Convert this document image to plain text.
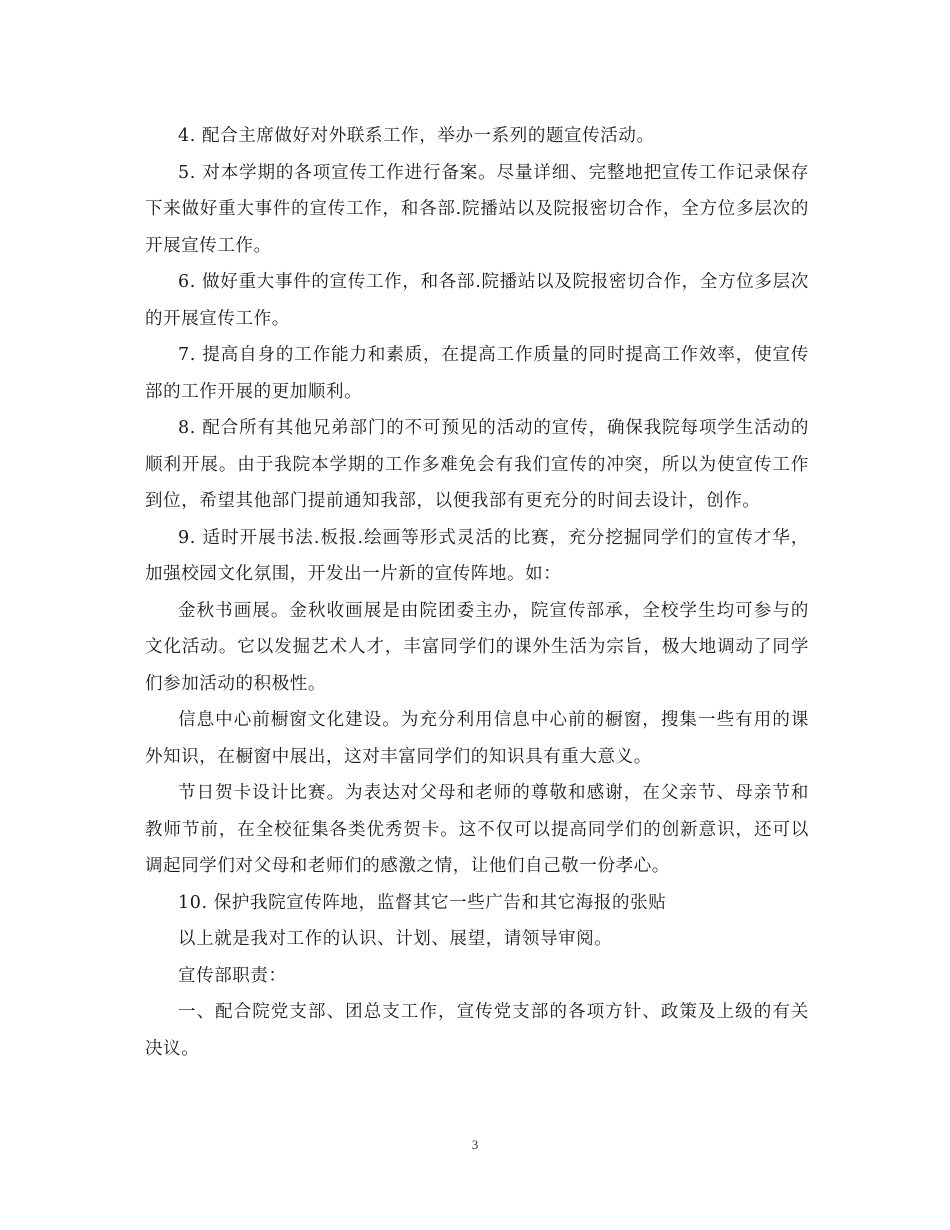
4. 配合主席做好对外联系工作，举办一系列的题宣传活动。

5. 对本学期的各项宣传工作进行备案。尽量详细、完整地把宣传工作记录保存下来做好重大事件的宣传工作，和各部.院播站以及院报密切合作，全方位多层次的开展宣传工作。

6. 做好重大事件的宣传工作，和各部.院播站以及院报密切合作，全方位多层次的开展宣传工作。

7. 提高自身的工作能力和素质，在提高工作质量的同时提高工作效率，使宣传部的工作开展的更加顺利。

8. 配合所有其他兄弟部门的不可预见的活动的宣传，确保我院每项学生活动的顺利开展。由于我院本学期的工作多难免会有我们宣传的冲突，所以为使宣传工作到位，希望其他部门提前通知我部，以便我部有更充分的时间去设计，创作。

9. 适时开展书法.板报.绘画等形式灵活的比赛，充分挖掘同学们的宣传才华，加强校园文化氛围，开发出一片新的宣传阵地。如：

金秋书画展。金秋收画展是由院团委主办，院宣传部承，全校学生均可参与的文化活动。它以发掘艺术人才，丰富同学们的课外生活为宗旨，极大地调动了同学们参加活动的积极性。

信息中心前橱窗文化建设。为充分利用信息中心前的橱窗，搜集一些有用的课外知识，在橱窗中展出，这对丰富同学们的知识具有重大意义。

节日贺卡设计比赛。为表达对父母和老师的尊敬和感谢，在父亲节、母亲节和教师节前，在全校征集各类优秀贺卡。这不仅可以提高同学们的创新意识，还可以调起同学们对父母和老师们的感激之情，让他们自己敬一份孝心。

10. 保护我院宣传阵地，监督其它一些广告和其它海报的张贴

以上就是我对工作的认识、计划、展望，请领导审阅。

宣传部职责：

一、配合院党支部、团总支工作，宣传党支部的各项方针、政策及上级的有关决议。

3
